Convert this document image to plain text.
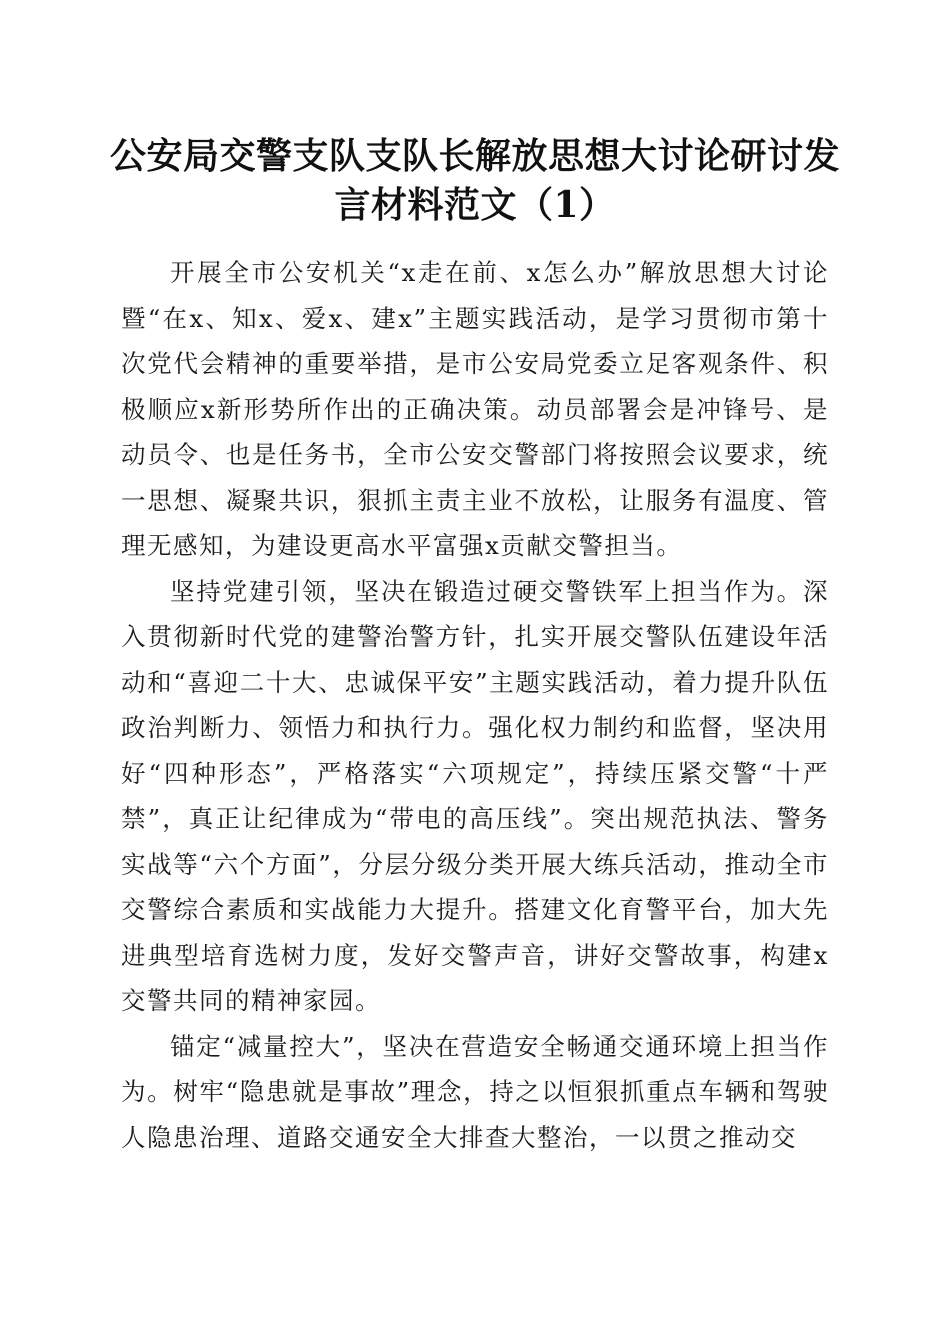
公安局交警支队支队长解放思想大讨论研讨发言材料范文（1）

开展全市公安机关“x走在前、x怎么办”解放思想大讨论暨“在x、知x、爱x、建x”主题实践活动，是学习贯彻市第十次党代会精神的重要举措，是市公安局党委立足客观条件、积极顺应x新形势所作出的正确决策。动员部署会是冲锋号、是动员令、也是任务书，全市公安交警部门将按照会议要求，统一思想、凝聚共识，狠抓主责主业不放松，让服务有温度、管理无感知，为建设更高水平富强x贡献交警担当。

坚持党建引领，坚决在锻造过硬交警铁军上担当作为。深入贯彻新时代党的建警治警方针，扎实开展交警队伍建设年活动和“喜迎二十大、忠诚保平安”主题实践活动，着力提升队伍政治判断力、领悟力和执行力。强化权力制约和监督，坚决用好“四种形态”，严格落实“六项规定”，持续压紧交警“十严禁”，真正让纪律成为“带电的高压线”。突出规范执法、警务实战等“六个方面”，分层分级分类开展大练兵活动，推动全市交警综合素质和实战能力大提升。搭建文化育警平台，加大先进典型培育选树力度，发好交警声音，讲好交警故事，构建x交警共同的精神家园。

锚定“减量控大”，坚决在营造安全畅通交通环境上担当作为。树牢“隐患就是事故”理念，持之以恒狠抓重点车辆和驾驶人隐患治理、道路交通安全大排查大整治，一以贯之推动交
